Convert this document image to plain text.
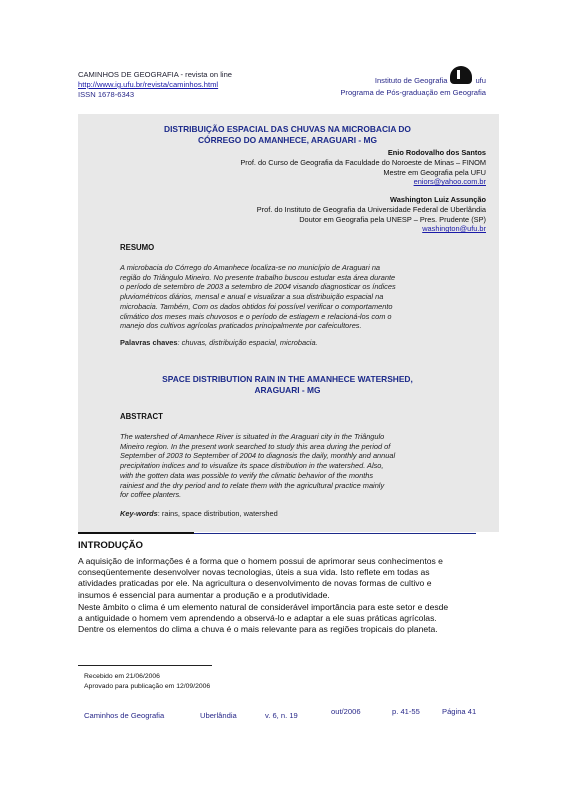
CAMINHOS DE GEOGRAFIA - revista on line
http://www.ig.ufu.br/revista/caminhos.html
ISSN 1678-6343
Instituto de Geografia	ufu
Programa de Pós-graduação em Geografia
DISTRIBUIÇÃO ESPACIAL DAS CHUVAS NA MICROBACIA DO
CÓRREGO DO AMANHECE, ARAGUARI - MG
Enio Rodovalho dos Santos
Prof. do Curso de Geografia da Faculdade do Noroeste de Minas – FINOM
Mestre em Geografia pela UFU
eniors@yahoo.com.br
Washington Luiz Assunção
Prof. do Instituto de Geografia da Universidade Federal de Uberlândia
Doutor em Geografia pela UNESP – Pres. Prudente (SP)
washington@ufu.br
RESUMO
A microbacia do Córrego do Amanhece localiza-se no município de Araguari na
região do Triângulo Mineiro. No presente trabalho buscou estudar esta área durante
o período de setembro de 2003 a setembro de 2004 visando diagnosticar os índices
pluviométricos diários, mensal e anual e visualizar a sua distribuição espacial na
microbacia. Também, Com os dados obtidos foi possível verificar o comportamento
climático dos meses mais chuvosos e o período de estiagem e relacioná-los com o
manejo dos cultivos agrícolas praticados principalmente por cafeicultores.
Palavras chaves: chuvas, distribuição espacial, microbacia.
SPACE DISTRIBUTION RAIN IN THE AMANHECE WATERSHED,
ARAGUARI - MG
ABSTRACT
The watershed of Amanhece River is situated in the Araguari city in the Triângulo
Mineiro region. In the present work searched to study this area during the period of
September of 2003 to September of 2004 to diagnosis the daily, monthly and annual
precipitation indices and to visualize its space distribution in the watershed. Also,
with the gotten data was possible to verify the climatic behavior of the months
rainiest and the dry period and to relate them with the agricultural practice mainly
for coffee planters.
Key-words: rains, space distribution, watershed
INTRODUÇÃO
A aquisição de informações é a forma que o homem possui de aprimorar seus conhecimentos e
conseqüentemente desenvolver novas tecnologias, úteis a sua vida. Isto reflete em todas as
atividades praticadas por ele. Na agricultura o desenvolvimento de novas formas de cultivo e
insumos é essencial para aumentar a produção e a produtividade.
Neste âmbito o clima é um elemento natural de considerável importância para este setor e desde
a antiguidade o homem vem aprendendo a observá-lo e adaptar a ele suas práticas agrícolas.
Dentre os elementos do clima a chuva é o mais relevante para as regiões tropicais do planeta.
Recebido em 21/06/2006
Aprovado para publicação em 12/09/2006
Caminhos de Geografia	Uberlândia	v. 6, n. 19	out/2006	p. 41-55	Página 41
